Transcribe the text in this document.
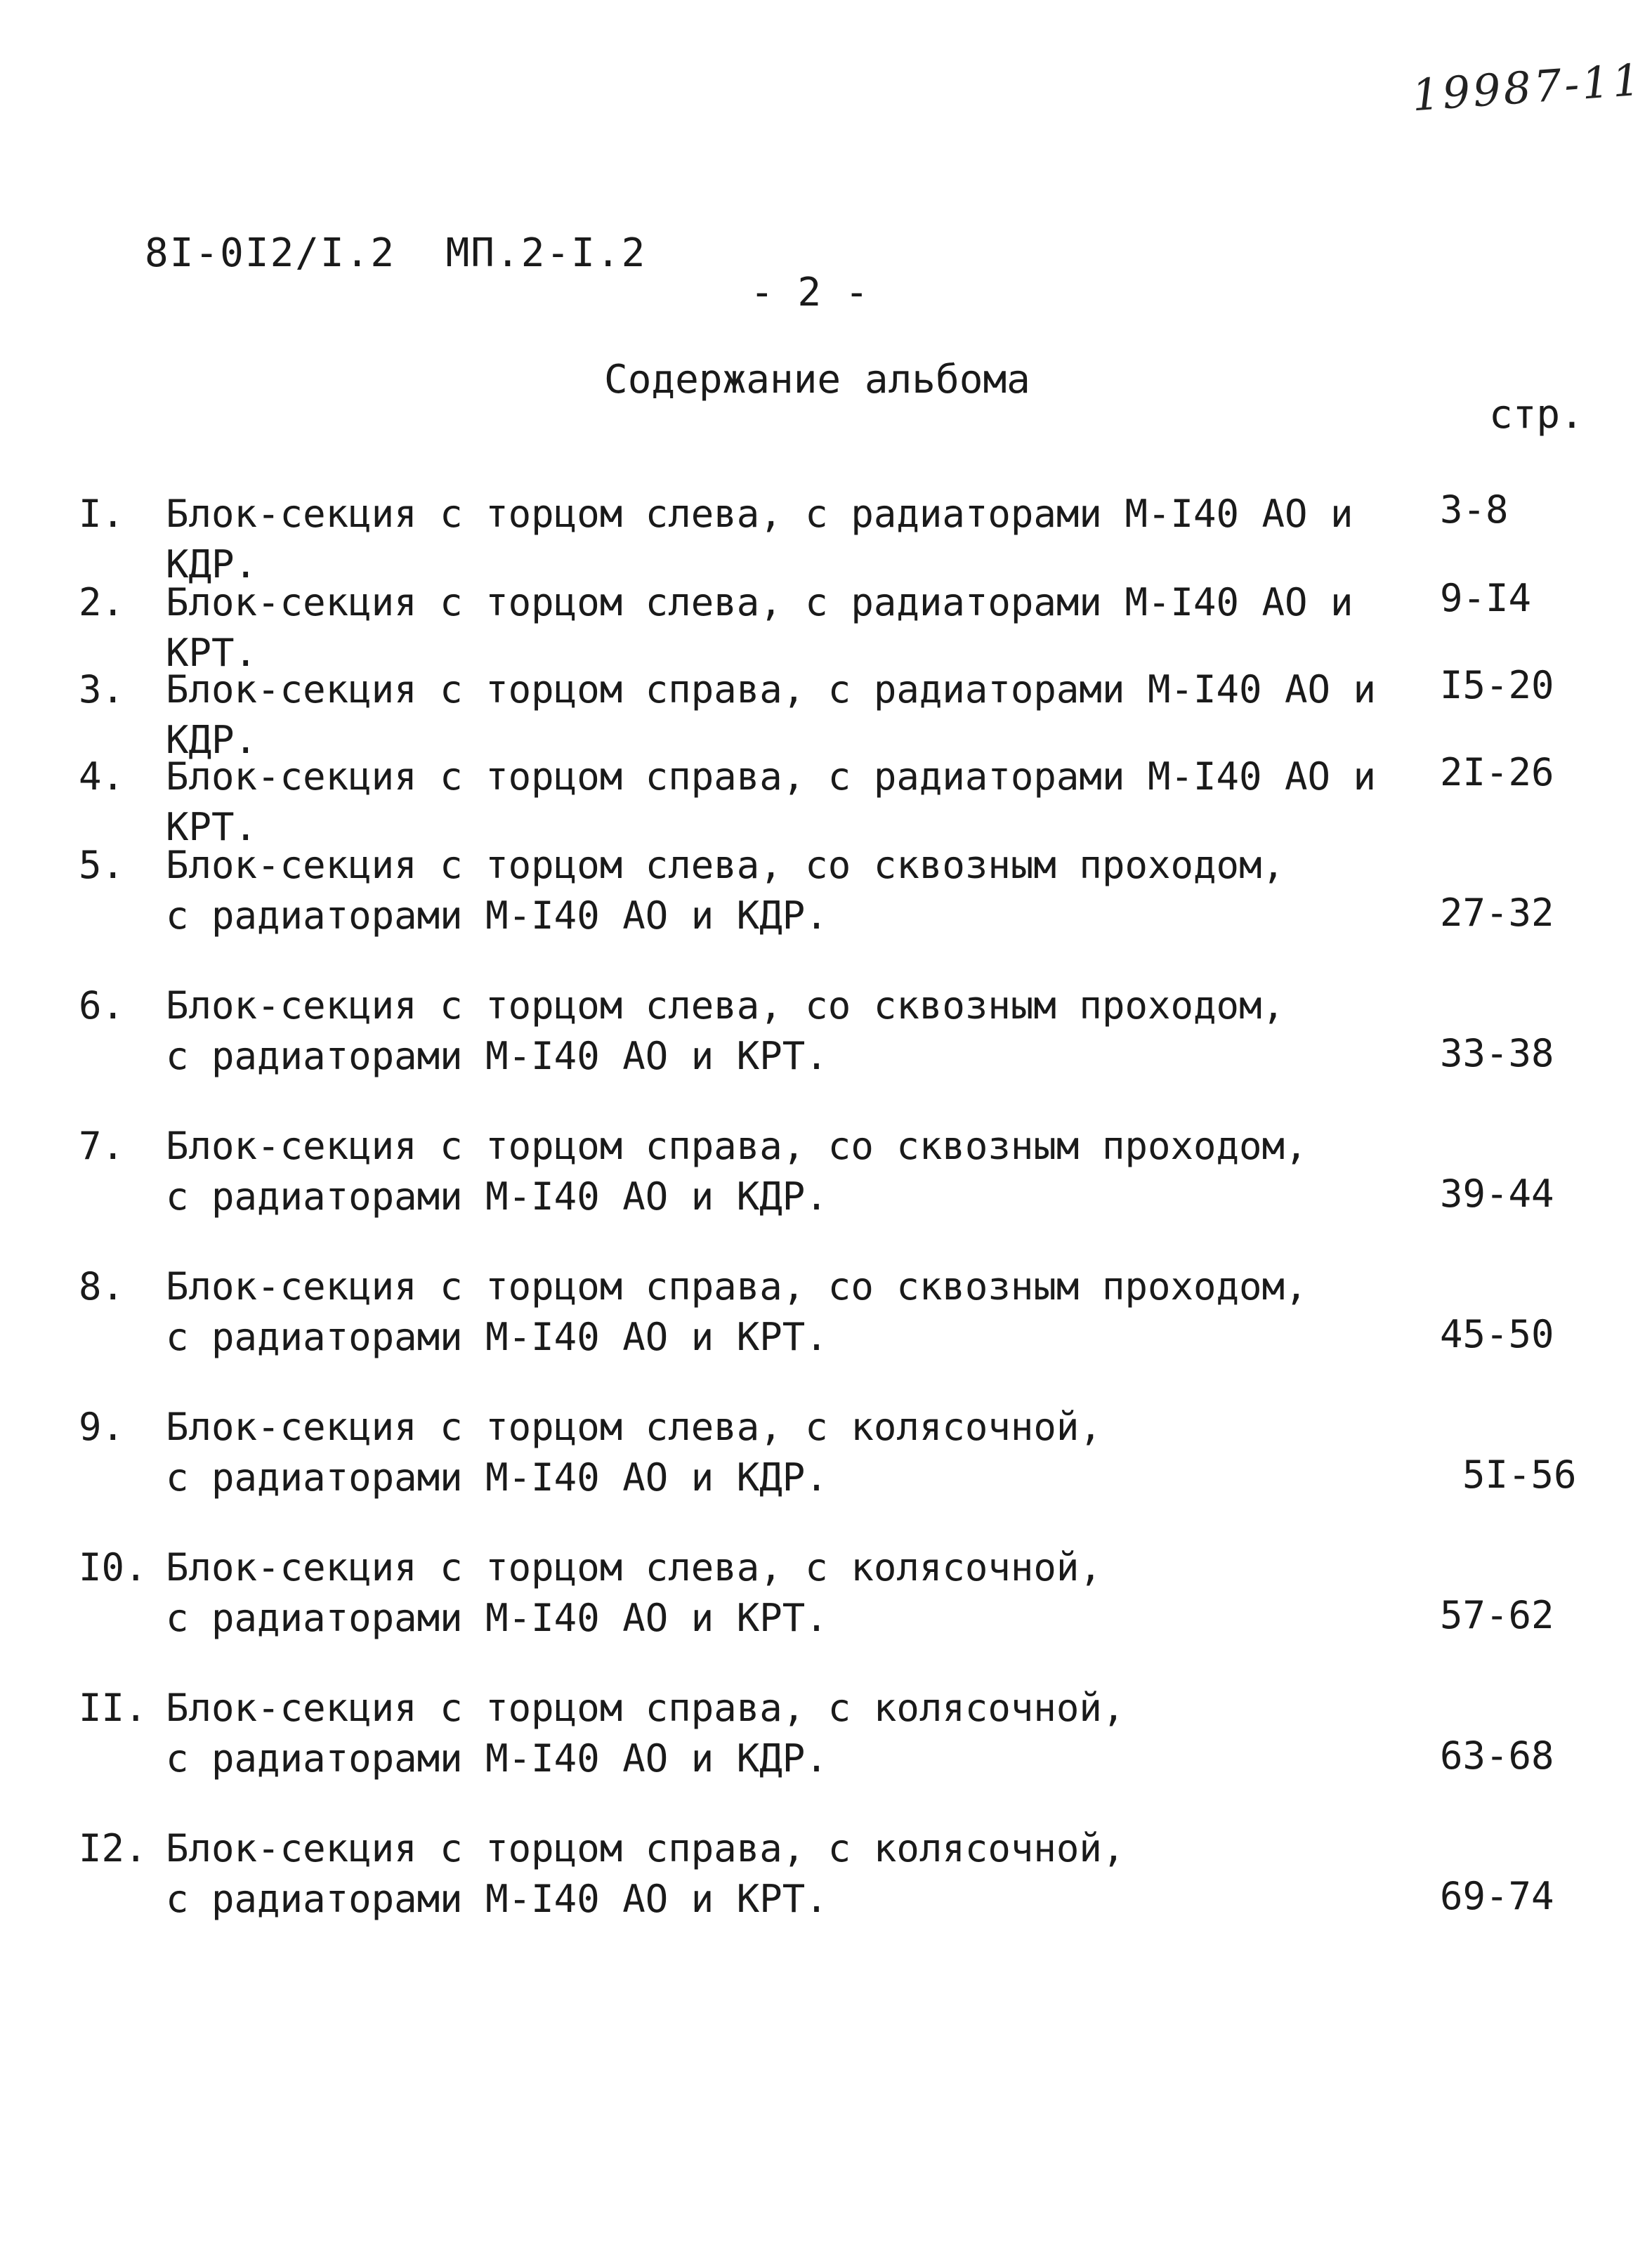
19987-11
8I-0I2/I.2  МП.2-I.2
- 2 -
Содержание альбома
стр.
I. Блок-секция с торцом слева, с радиаторами М-I40 АО и КДР.
3-8
2. Блок-секция с торцом слева, с радиаторами М-I40 АО и КРТ.
9-I4
3. Блок-секция с торцом справа, с радиаторами М-I40 АО и КДР.
I5-20
4. Блок-секция с торцом справа, с радиаторами М-I40 АО и КРТ.
2I-26
5. Блок-секция с торцом слева, со сквозным проходом,
с радиаторами М-I40 АО и КДР.	27-32
6. Блок-секция с торцом слева, со сквозным проходом,
с радиаторами М-I40 АО и КРТ.	33-38
7. Блок-секция с торцом справа, со сквозным проходом,
с радиаторами М-I40 АО и КДР.	39-44
8. Блок-секция с торцом справа, со сквозным проходом,
с радиаторами М-I40 АО и КРТ.	45-50
9. Блок-секция с торцом слева, с колясочной,
с радиаторами М-I40 АО и КДР.	5I-56
I0. Блок-секция с торцом слева, с колясочной,
с радиаторами М-I40 АО и КРТ.	57-62
II. Блок-секция с торцом справа, с колясочной,
с радиаторами М-I40 АО и КДР.	63-68
I2. Блок-секция с торцом справа, с колясочной,
с радиаторами М-I40 АО и КРТ.	69-74
